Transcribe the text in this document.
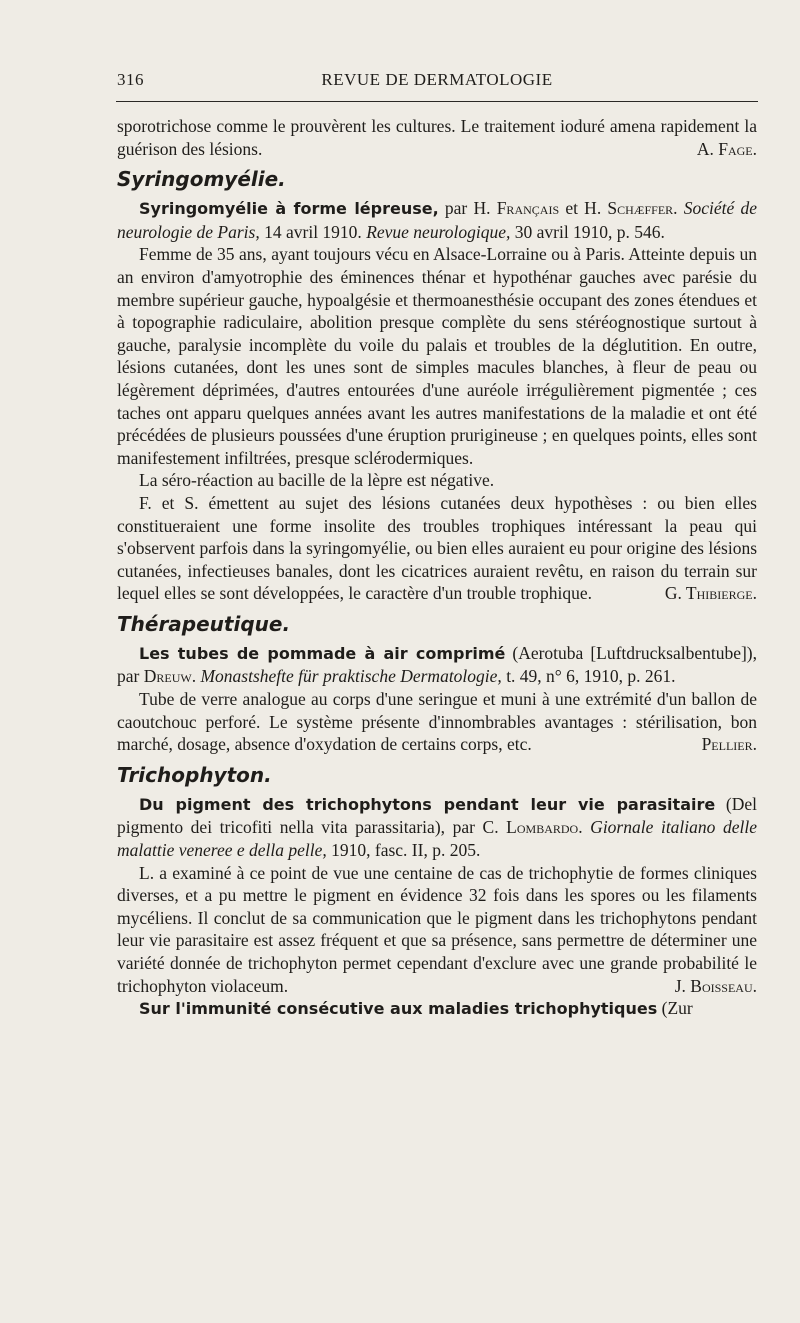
316	REVUE DE DERMATOLOGIE

sporotrichose comme le prouvèrent les cultures. Le traitement ioduré amena rapidement la guérison des lésions.	A. Fage.

Syringomyélie.

Syringomyélie à forme lépreuse, par H. Français et H. Schæffer. Société de neurologie de Paris, 14 avril 1910. Revue neurologique, 30 avril 1910, p. 546.

Femme de 35 ans, ayant toujours vécu en Alsace-Lorraine ou à Paris. Atteinte depuis un an environ d'amyotrophie des éminences thénar et hypothénar gauches avec parésie du membre supérieur gauche, hypoalgésie et thermoanesthésie occupant des zones étendues et à topographie radiculaire, abolition presque complète du sens stéréognostique surtout à gauche, paralysie incomplète du voile du palais et troubles de la déglutition. En outre, lésions cutanées, dont les unes sont de simples macules blanches, à fleur de peau ou légèrement déprimées, d'autres entourées d'une auréole irrégulièrement pigmentée ; ces taches ont apparu quelques années avant les autres manifestations de la maladie et ont été précédées de plusieurs poussées d'une éruption prurigineuse ; en quelques points, elles sont manifestement infiltrées, presque sclérodermiques.

La séro-réaction au bacille de la lèpre est négative.

F. et S. émettent au sujet des lésions cutanées deux hypothèses : ou bien elles constitueraient une forme insolite des troubles trophiques intéressant la peau qui s'observent parfois dans la syringomyélie, ou bien elles auraient eu pour origine des lésions cutanées, infectieuses banales, dont les cicatrices auraient revêtu, en raison du terrain sur lequel elles se sont développées, le caractère d'un trouble trophique.	G. Thibierge.

Thérapeutique.

Les tubes de pommade à air comprimé (Aerotuba [Luftdrucksalbentube]), par Dreuw. Monastshefte für praktische Dermatologie, t. 49, n° 6, 1910, p. 261.

Tube de verre analogue au corps d'une seringue et muni à une extrémité d'un ballon de caoutchouc perforé. Le système présente d'innombrables avantages : stérilisation, bon marché, dosage, absence d'oxydation de certains corps, etc.	Pellier.

Trichophyton.

Du pigment des trichophytons pendant leur vie parasitaire (Del pigmento dei tricofiti nella vita parassitaria), par C. Lombardo. Giornale italiano delle malattie veneree e della pelle, 1910, fasc. II, p. 205.

L. a examiné à ce point de vue une centaine de cas de trichophytie de formes cliniques diverses, et a pu mettre le pigment en évidence 32 fois dans les spores ou les filaments mycéliens. Il conclut de sa communication que le pigment dans les trichophytons pendant leur vie parasitaire est assez fréquent et que sa présence, sans permettre de déterminer une variété donnée de trichophyton permet cependant d'exclure avec une grande probabilité le trichophyton violaceum.	J. Boisseau.

Sur l'immunité consécutive aux maladies trichophytiques (Zur
